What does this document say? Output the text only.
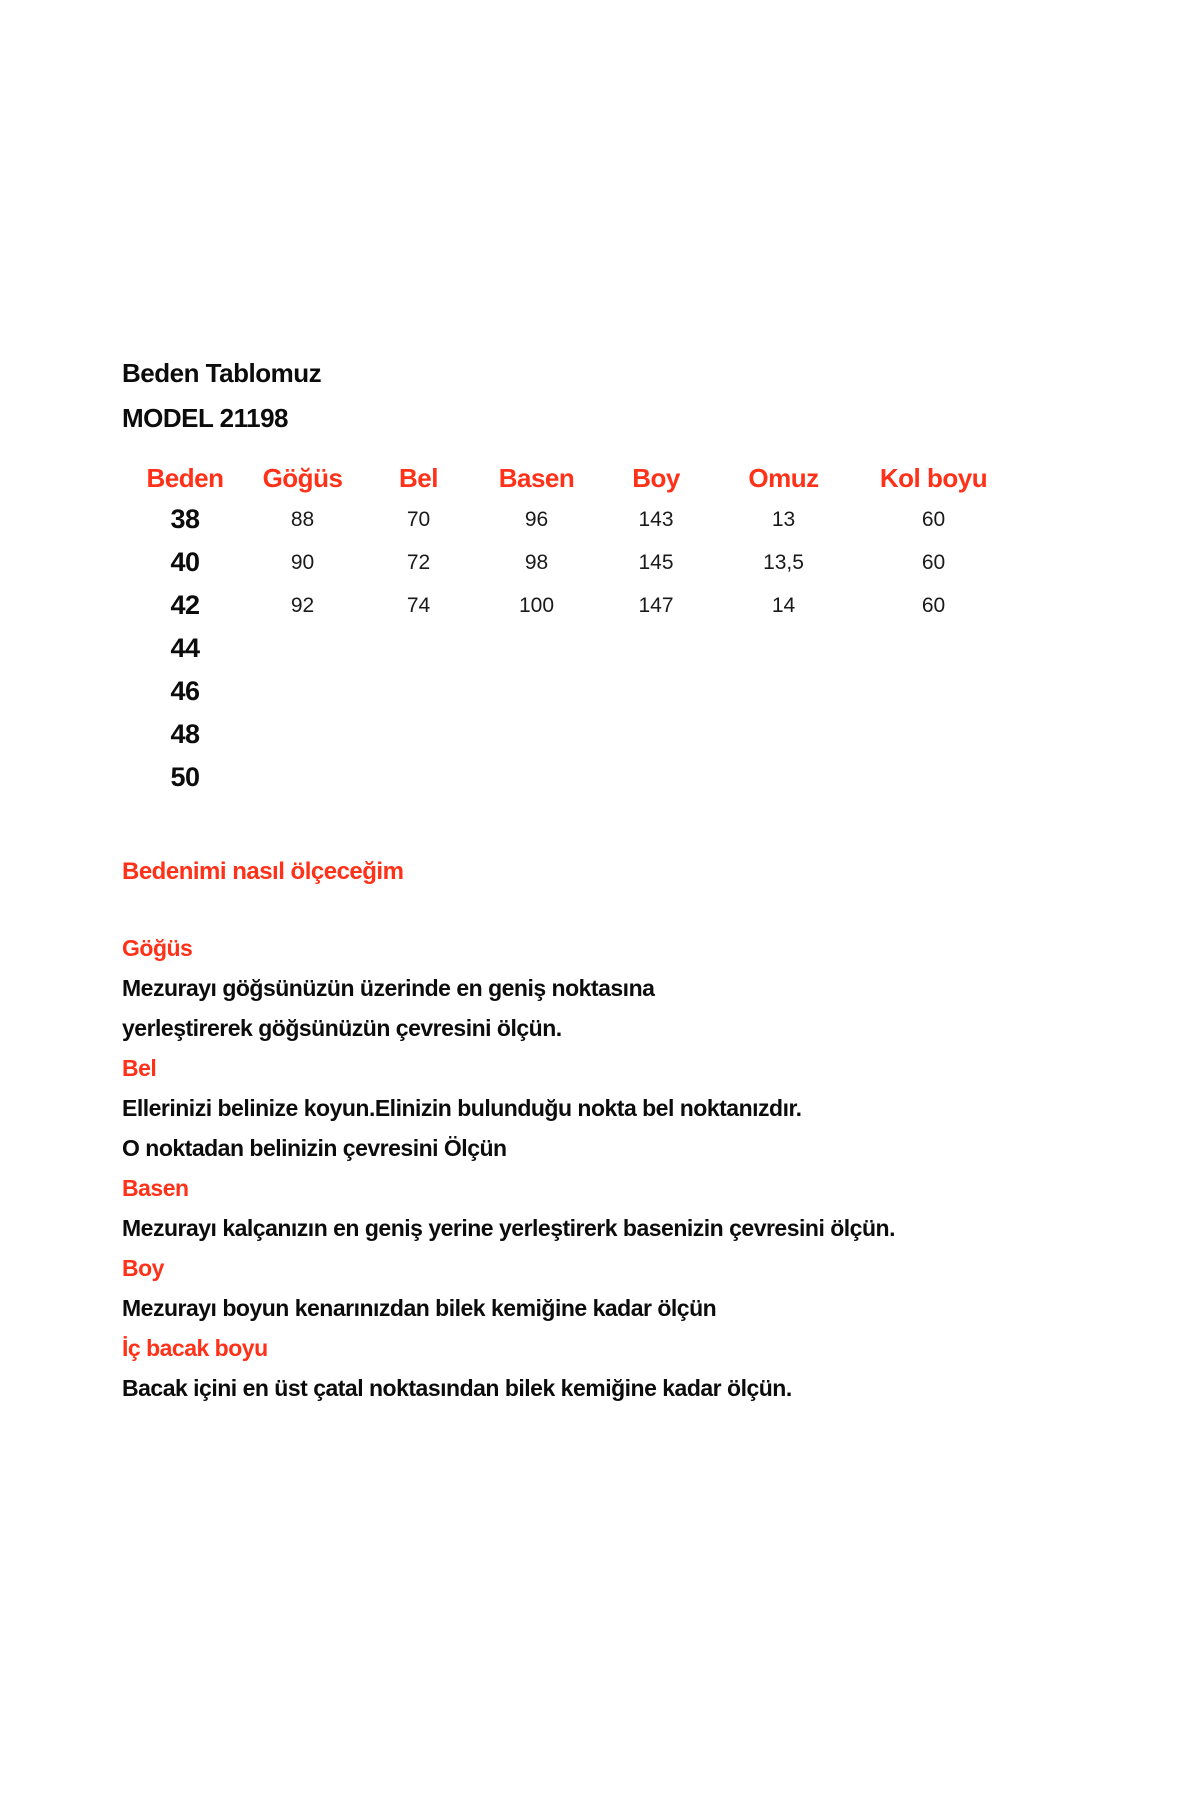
Beden Tablomuz
MODEL 21198
Beden	Göğüs	Bel	Basen	Boy	Omuz	Kol boyu
38	88	70	96	143	13	60
40	90	72	98	145	13,5	60
42	92	74	100	147	14	60
44
46
48
50
Bedenimi nasıl ölçeceğim
Göğüs
Mezurayı göğsünüzün üzerinde en geniş noktasına
yerleştirerek göğsünüzün çevresini ölçün.
Bel
Ellerinizi belinize koyun.Elinizin bulunduğu nokta bel noktanızdır.
O noktadan belinizin çevresini Ölçün
Basen
Mezurayı kalçanızın en geniş yerine yerleştirerk basenizin çevresini ölçün.
Boy
Mezurayı boyun kenarınızdan bilek kemiğine kadar ölçün
İç bacak boyu
Bacak içini en üst çatal noktasından bilek kemiğine kadar ölçün.
